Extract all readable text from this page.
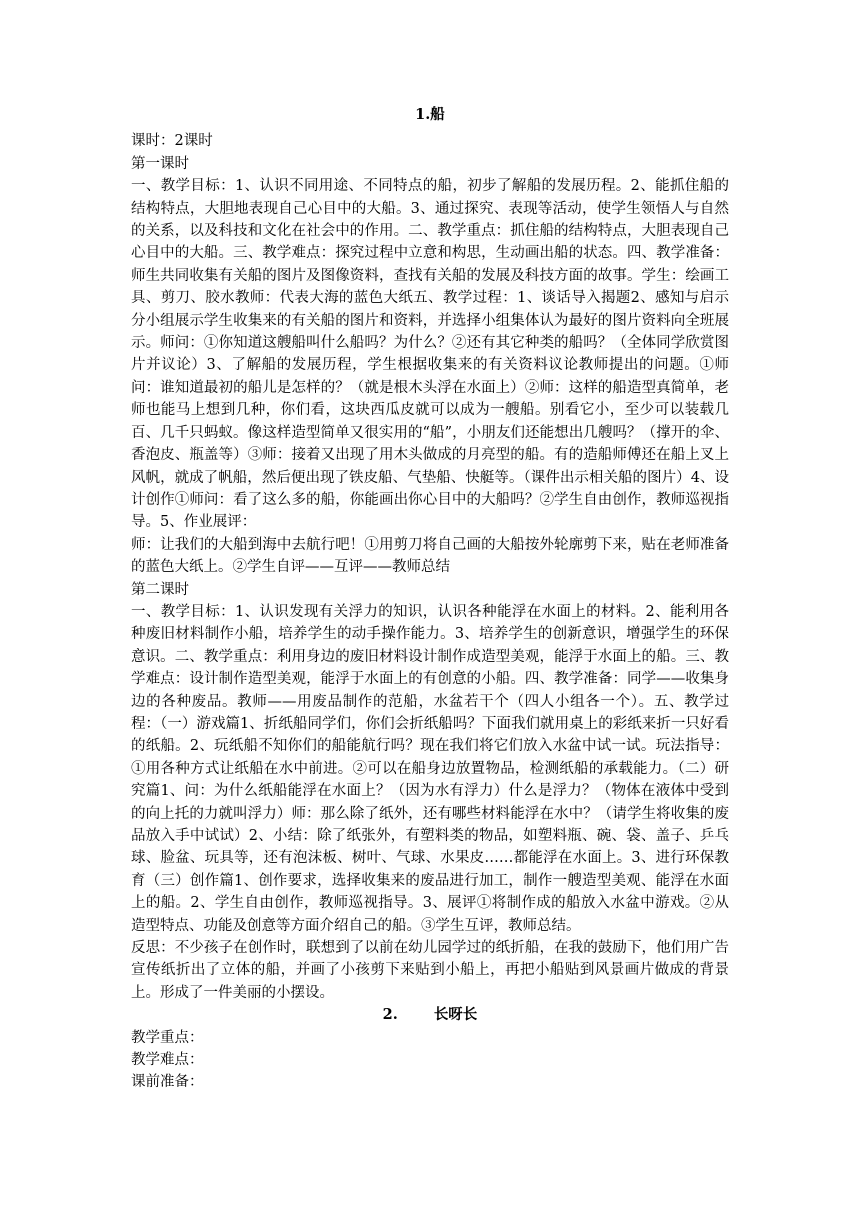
1.船

课时：2课时

第一课时

一、教学目标：1、认识不同用途、不同特点的船，初步了解船的发展历程。2、能抓住船的结构特点，大胆地表现自己心目中的大船。3、通过探究、表现等活动，使学生领悟人与自然的关系，以及科技和文化在社会中的作用。二、教学重点：抓住船的结构特点，大胆表现自己心目中的大船。三、教学难点：探究过程中立意和构思，生动画出船的状态。四、教学准备：师生共同收集有关船的图片及图像资料，查找有关船的发展及科技方面的故事。学生：绘画工具、剪刀、胶水教师：代表大海的蓝色大纸五、教学过程：1、谈话导入揭题2、感知与启示分小组展示学生收集来的有关船的图片和资料，并选择小组集体认为最好的图片资料向全班展示。师问：①你知道这艘船叫什么船吗？为什么？②还有其它种类的船吗？（全体同学欣赏图片并议论）3、了解船的发展历程，学生根据收集来的有关资料议论教师提出的问题。①师问：谁知道最初的船儿是怎样的？（就是根木头浮在水面上）②师：这样的船造型真简单，老师也能马上想到几种，你们看，这块西瓜皮就可以成为一艘船。别看它小，至少可以装载几百、几千只蚂蚁。像这样造型简单又很实用的“船”，小朋友们还能想出几艘吗？（撑开的伞、香泡皮、瓶盖等）③师：接着又出现了用木头做成的月亮型的船。有的造船师傅还在船上叉上风帆，就成了帆船，然后便出现了铁皮船、气垫船、快艇等。（课件出示相关船的图片）4、设计创作①师问：看了这么多的船，你能画出你心目中的大船吗？②学生自由创作，教师巡视指导。5、作业展评：

师：让我们的大船到海中去航行吧！①用剪刀将自己画的大船按外轮廓剪下来，贴在老师准备的蓝色大纸上。②学生自评——互评——教师总结

第二课时

一、教学目标：1、认识发现有关浮力的知识，认识各种能浮在水面上的材料。2、能利用各种废旧材料制作小船，培养学生的动手操作能力。3、培养学生的创新意识，增强学生的环保意识。二、教学重点：利用身边的废旧材料设计制作成造型美观，能浮于水面上的船。三、教学难点：设计制作造型美观，能浮于水面上的有创意的小船。四、教学准备：同学——收集身边的各种废品。教师——用废品制作的范船，水盆若干个（四人小组各一个）。五、教学过程：（一）游戏篇1、折纸船同学们，你们会折纸船吗？下面我们就用桌上的彩纸来折一只好看的纸船。2、玩纸船不知你们的船能航行吗？现在我们将它们放入水盆中试一试。玩法指导：①用各种方式让纸船在水中前进。②可以在船身边放置物品，检测纸船的承载能力。（二）研究篇1、问：为什么纸船能浮在水面上？（因为水有浮力）什么是浮力？（物体在液体中受到的向上托的力就叫浮力）师：那么除了纸外，还有哪些材料能浮在水中？（请学生将收集的废品放入手中试试）2、小结：除了纸张外，有塑料类的物品，如塑料瓶、碗、袋、盖子、乒乓球、脸盆、玩具等，还有泡沫板、树叶、气球、水果皮……都能浮在水面上。3、进行环保教育（三）创作篇1、创作要求，选择收集来的废品进行加工，制作一艘造型美观、能浮在水面上的船。2、学生自由创作，教师巡视指导。3、展评①将制作成的船放入水盆中游戏。②从造型特点、功能及创意等方面介绍自己的船。③学生互评，教师总结。

反思：不少孩子在创作时，联想到了以前在幼儿园学过的纸折船，在我的鼓励下，他们用广告宣传纸折出了立体的船，并画了小孩剪下来贴到小船上，再把小船贴到风景画片做成的背景上。形成了一件美丽的小摆设。

2. 长呀长

教学重点：

教学难点：

课前准备：
